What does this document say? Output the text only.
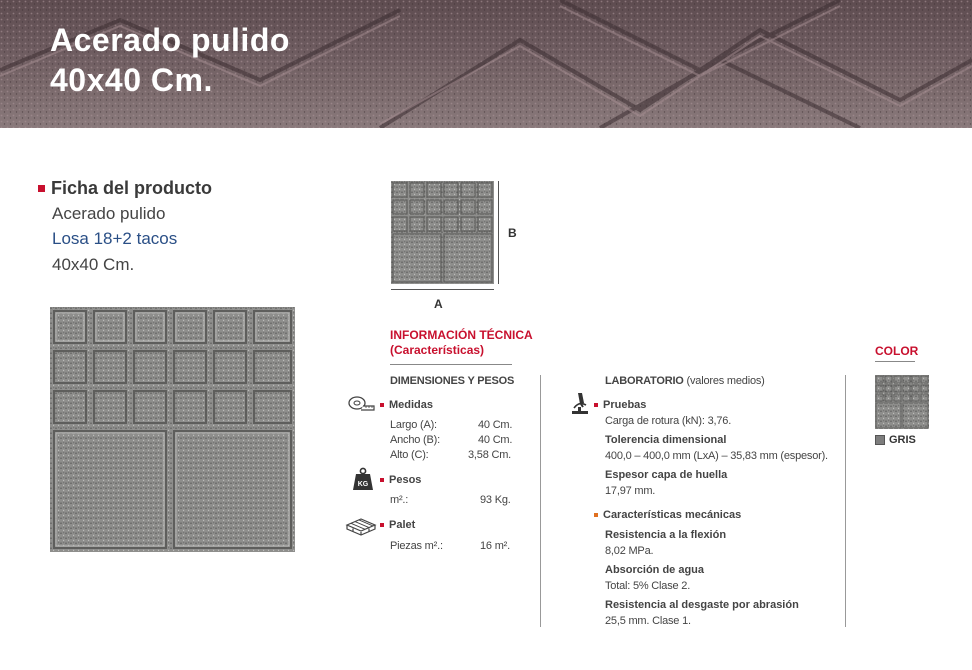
Acerado pulido
40x40 Cm.
Ficha del producto
Acerado pulido
Losa 18+2 tacos
40x40 Cm.
B
A
INFORMACIÓN TÉCNICA
(Características)
DIMENSIONES Y PESOS
Medidas
Largo (A):	40 Cm.
Ancho (B):	40 Cm.
Alto (C):	3,58 Cm.
KG	Pesos
m².:	93 Kg.
Palet
Piezas m².:	16 m².
LABORATORIO (valores medios)
Pruebas
Carga de rotura (kN): 3,76.
Tolerencia dimensional
400,0 – 400,0 mm (LxA) – 35,83 mm (espesor).
Espesor capa de huella
17,97 mm.
Características mecánicas
Resistencia a la flexión
8,02 MPa.
Absorción de agua
Total: 5% Clase 2.
Resistencia al desgaste por abrasión
25,5 mm. Clase 1.
COLOR
GRIS
